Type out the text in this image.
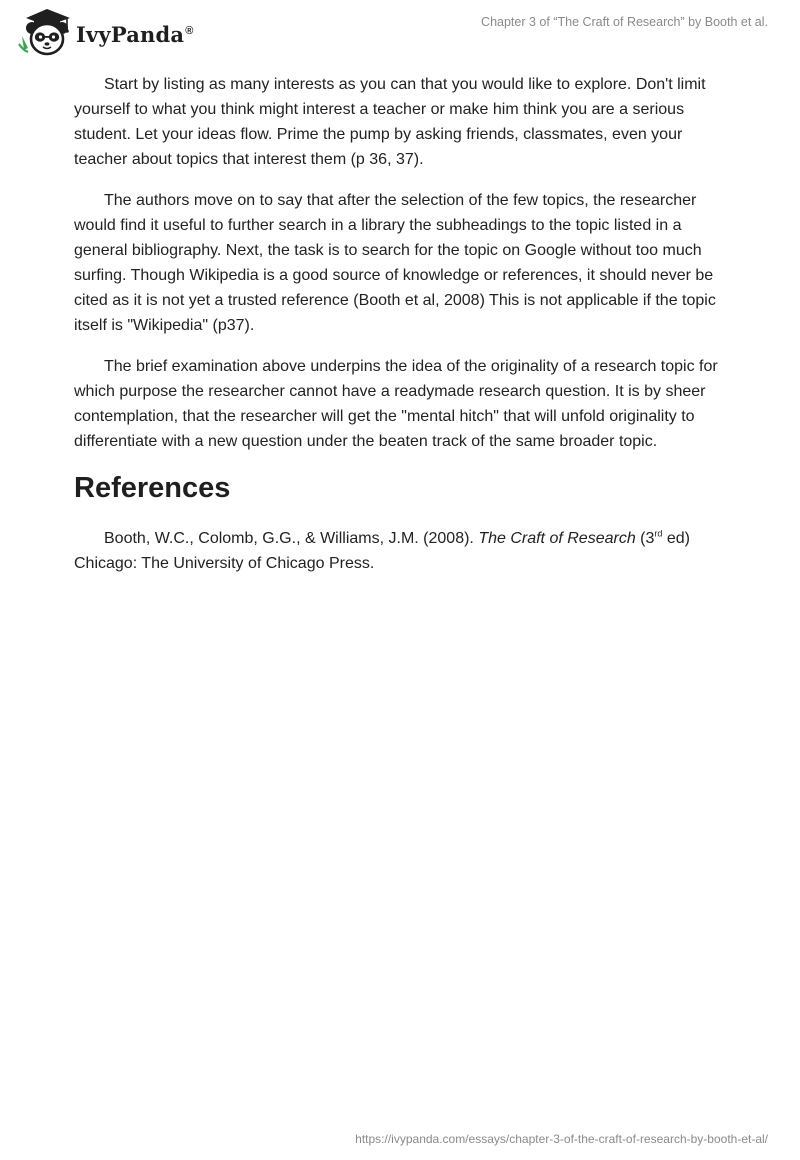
IvyPanda®
Chapter 3 of “The Craft of Research” by Booth et al.

Start by listing as many interests as you can that you would like to explore. Don't limit yourself to what you think might interest a teacher or make him think you are a serious student. Let your ideas flow. Prime the pump by asking friends, classmates, even your teacher about topics that interest them (p 36, 37).

The authors move on to say that after the selection of the few topics, the researcher would find it useful to further search in a library the subheadings to the topic listed in a general bibliography. Next, the task is to search for the topic on Google without too much surfing. Though Wikipedia is a good source of knowledge or references, it should never be cited as it is not yet a trusted reference (Booth et al, 2008) This is not applicable if the topic itself is "Wikipedia" (p37).

The brief examination above underpins the idea of the originality of a research topic for which purpose the researcher cannot have a readymade research question. It is by sheer contemplation, that the researcher will get the "mental hitch" that will unfold originality to differentiate with a new question under the beaten track of the same broader topic.

References

Booth, W.C., Colomb, G.G., & Williams, J.M. (2008). The Craft of Research (3rd ed) Chicago: The University of Chicago Press.

https://ivypanda.com/essays/chapter-3-of-the-craft-of-research-by-booth-et-al/
